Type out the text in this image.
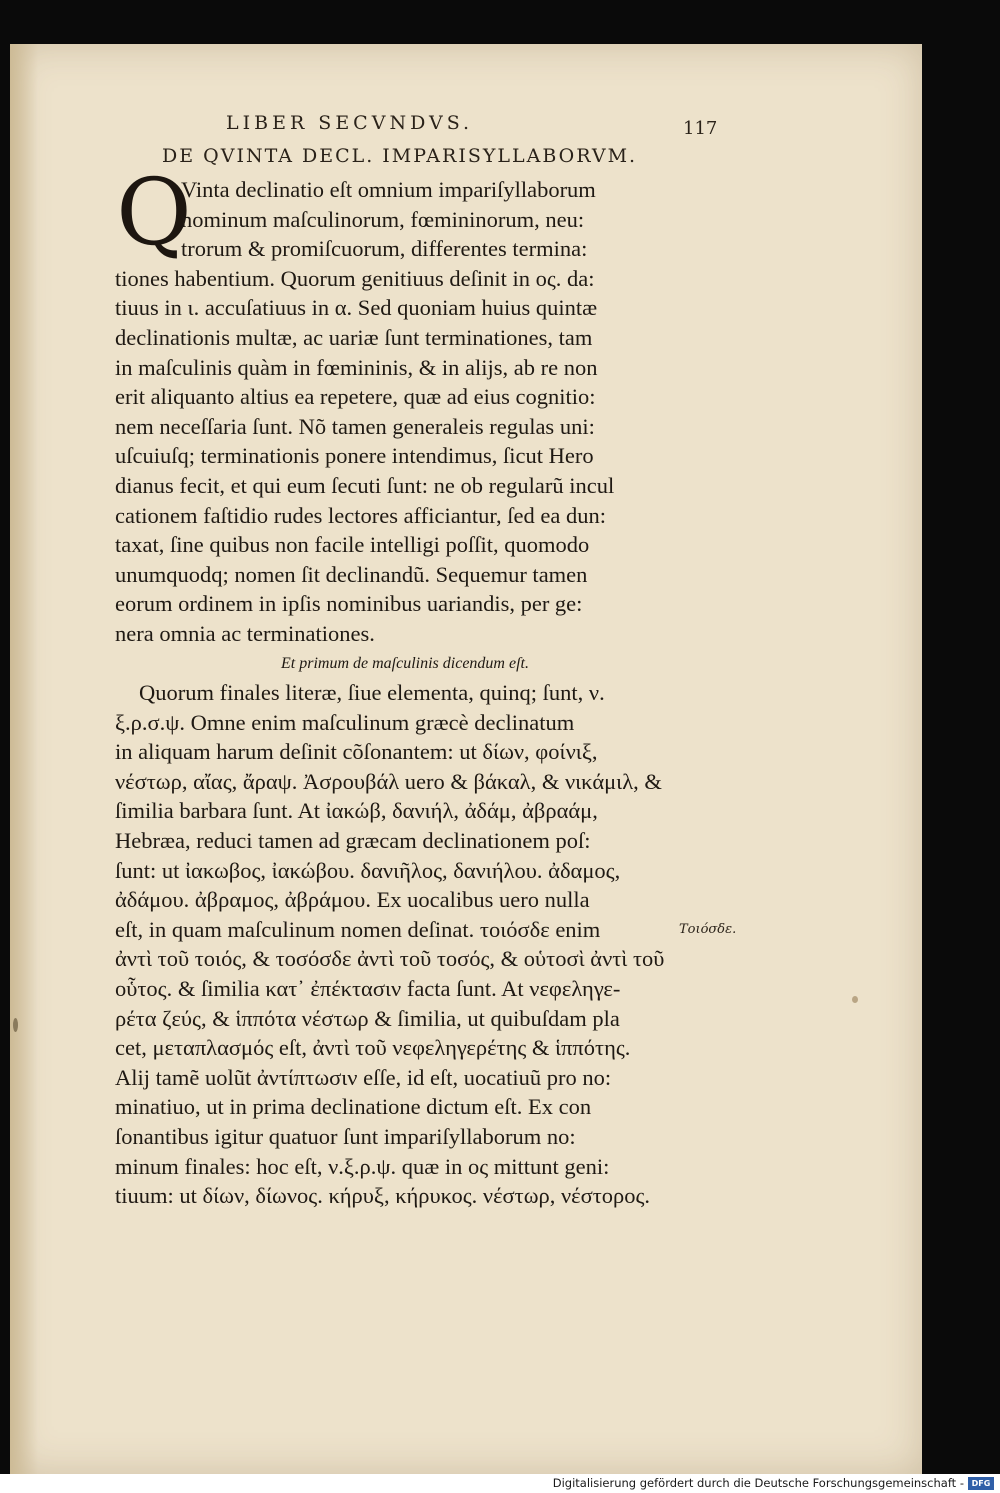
LIBER SECVNDVS.	117
DE QVINTA DECL. IMPARISYLLABORVM.
Q
Vinta declinatio eſt omnium impariſyllaborum
nominum maſculinorum, fœmininorum, neu:
trorum & promiſcuorum, differentes termina:
tiones habentium. Quorum genitiuus deſinit in ος. da:
tiuus in ι. accuſatiuus in α. Sed quoniam huius quintæ
declinationis multæ, ac uariæ ſunt terminationes, tam
in maſculinis quàm in fœmininis, & in alijs, ab re non
erit aliquanto altius ea repetere, quæ ad eius cognitio:
nem neceſſaria ſunt. Nõ tamen generaleis regulas uni:
uſcuiuſq; terminationis ponere intendimus, ſicut Hero
dianus fecit, et qui eum ſecuti ſunt: ne ob regularũ incul
cationem faſtidio rudes lectores afficiantur, ſed ea dun:
taxat, ſine quibus non facile intelligi poſſit, quomodo
unumquodq; nomen ſit declinandũ. Sequemur tamen
eorum ordinem in ipſis nominibus uariandis, per ge:
nera omnia ac terminationes.
Et primum de maſculinis dicendum eſt.
Quorum finales literæ, ſiue elementa, quinq; ſunt, ν.
ξ.ρ.σ.ψ. Omne enim maſculinum græcè declinatum
in aliquam harum deſinit cõſonantem: ut δίων, φοίνιξ,
νέστωρ, αἴας, ἄραψ. Ἀσρουβάλ uero & βάκαλ, & νικάμιλ, &
ſimilia barbara ſunt. At ἰακώβ, δανιήλ, ἀδάμ, ἀβραάμ,
Hebræa, reduci tamen ad græcam declinationem poſ:
ſunt: ut ἰακωβος, ἰακώβου. δανιῆλος, δανιήλου. ἀδαμος,
ἀδάμου. ἀβραμος, ἀβράμου. Ex uocalibus uero nulla
eſt, in quam maſculinum nomen deſinat. τοιόσδε enim
ἀντὶ τοῦ τοιός, & τοσόσδε ἀντὶ τοῦ τοσός, & οὑτοσὶ ἀντὶ τοῦ
οὗτος. & ſimilia κατ᾽ ἐπέκτασιν facta ſunt. At νεφεληγε-
ρέτα ζεύς, & ἱππότα νέστωρ & ſimilia, ut quibuſdam pla
cet, μεταπλασμός eſt, ἀντὶ τοῦ νεφεληγερέτης & ἱππότης.
Alij tamẽ uolũt ἀντίπτωσιν eſſe, id eſt, uocatiuũ pro no:
minatiuo, ut in prima declinatione dictum eſt. Ex con
ſonantibus igitur quatuor ſunt impariſyllaborum no:
minum finales: hoc eſt, ν.ξ.ρ.ψ. quæ in ος mittunt geni:
tiuum: ut δίων, δίωνος. κήρυξ, κήρυκος. νέστωρ, νέστορος.
Τοιόσδε.
Digitalisierung gefördert durch die Deutsche Forschungsgemeinschaft - DFG
